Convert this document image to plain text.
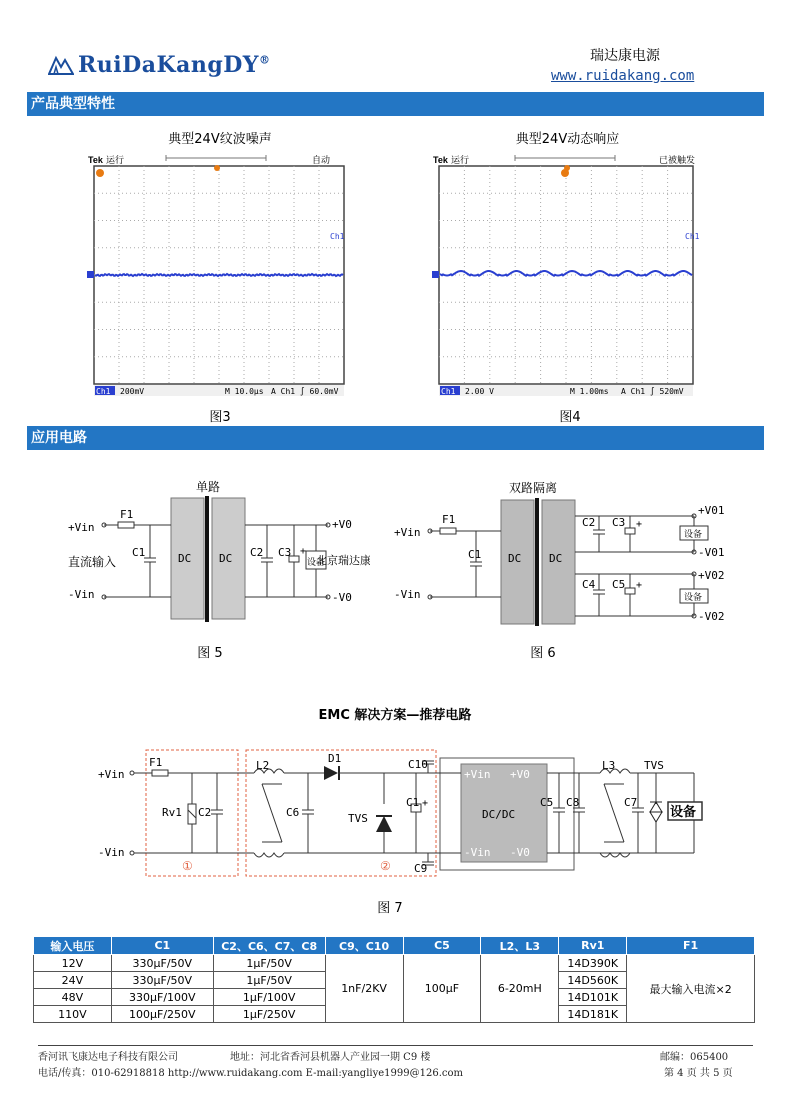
RuiDaKangDY®	瑞达康电源
www.ruidakang.com
产品典型特性
典型24V纹波噪声	典型24V动态响应
Tek 运行	自动
Ch1
Ch1 200mV	M 10.0μs A Ch1 ∫ 60.0mV
Tek 运行	已被触发
Ch1
Ch1 2.00 V	M 1.00ms A Ch1 ∫ 520mV
图3	图4
应用电路
单路
DC	DC
+Vin
-Vin
直流输入
F1
C1	C2 C3 +
设备
+V0
-V0
北京瑞达康
图 5
双路隔离
DC	DC
+Vin
-Vin
F1
C1
C2 C3 +
C4 C5 +
设备
设备
+V01
-V01
+V02
-V02
图 6
EMC 解决方案—推荐电路
+Vin
-Vin
F1
Rv1 C2
L2
C6
D1
TVS
C10
C1 +
C9
+Vin +V0
-Vin -V0
DC/DC
C5 C8
L3
C7
TVS
设备
①	②
图 7
输入电压	C1	C2、C6、C7、C8	C9、C10	C5	L2、L3	Rv1	F1
12V	330μF/50V	1μF/50V	1nF/2KV	100μF	6-20mH	14D390K	最大输入电流×2
24V	330μF/50V	1μF/50V				14D560K	
48V	330μF/100V	1μF/100V				14D101K	
110V	100μF/250V	1μF/250V				14D181K	
香河讯飞康达电子科技有限公司	地址：河北省香河县机器人产业园一期 C9 楼	邮编：065400
电话/传真：010-62918818 http://www.ruidakang.com E-mail:yangliye1999@126.com	第 4 页 共 5 页
